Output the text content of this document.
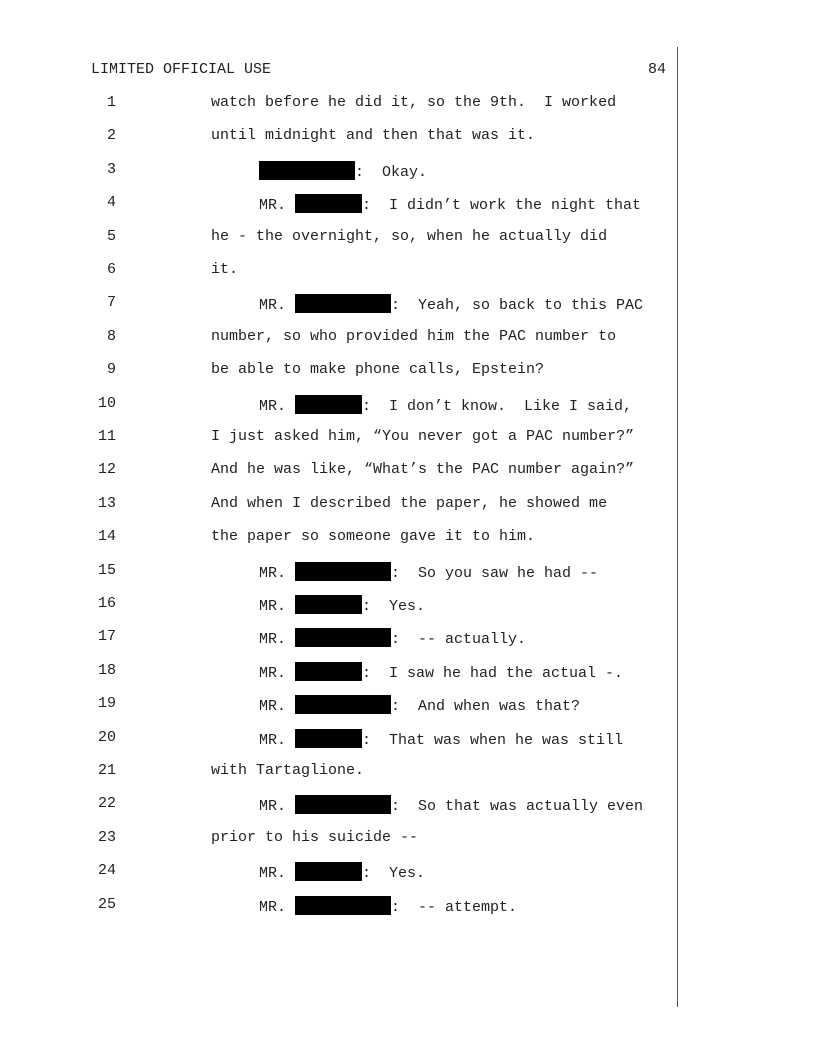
LIMITED OFFICIAL USE	84
1	watch before he did it, so the 9th.  I worked
2	until midnight and then that was it.
3	:  Okay.
4	MR.	:  I didn’t work the night that
5	he - the overnight, so, when he actually did
6	it.
7	MR.	:  Yeah, so back to this PAC
8	number, so who provided him the PAC number to
9	be able to make phone calls, Epstein?
10	MR.	:  I don’t know.  Like I said,
11	I just asked him, “You never got a PAC number?”
12	And he was like, “What’s the PAC number again?”
13	And when I described the paper, he showed me
14	the paper so someone gave it to him.
15	MR.	:  So you saw he had --
16	MR.	:  Yes.
17	MR.	:  -- actually.
18	MR.	:  I saw he had the actual -.
19	MR.	:  And when was that?
20	MR.	:  That was when he was still
21	with Tartaglione.
22	MR.	:  So that was actually even
23	prior to his suicide --
24	MR.	:  Yes.
25	MR.	:  -- attempt.
